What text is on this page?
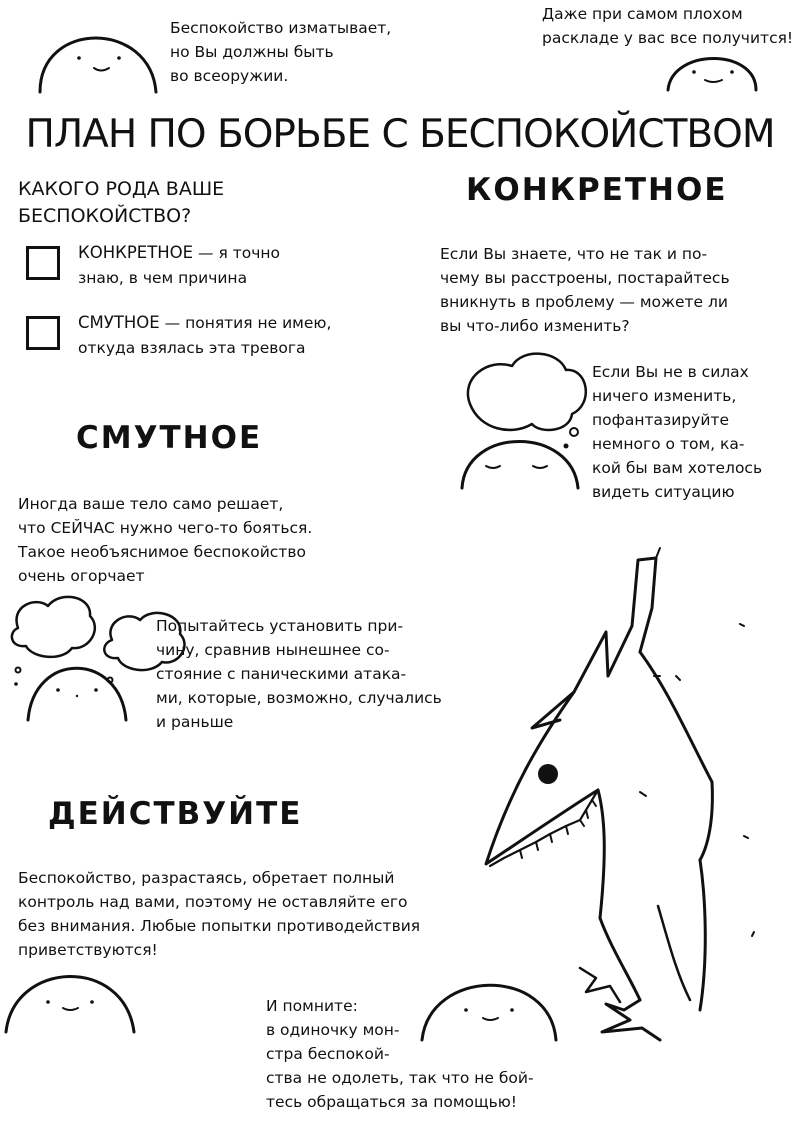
Беспокойство изматывает,
но Вы должны быть
во всеоружии.

Даже при самом плохом
раскладе у вас все получится!

ПЛАН ПО БОРЬБЕ С БЕСПОКОЙСТВОМ

КАКОГО РОДА ВАШЕ
БЕСПОКОЙСТВО?

КОНКРЕТНОЕ — я точно
знаю, в чем причина

СМУТНОЕ — понятия не имею,
откуда взялась эта тревога

КОНКРЕТНОЕ

Если Вы знаете, что не так и по-
чему вы расстроены, постарайтесь
вникнуть в проблему — можете ли
вы что-либо изменить?

Если Вы не в силах
ничего изменить,
пофантазируйте
немного о том, ка-
кой бы вам хотелось
видеть ситуацию

СМУТНОЕ

Иногда ваше тело само решает,
что СЕЙЧАС нужно чего-то бояться.
Такое необъяснимое беспокойство
очень огорчает

Попытайтесь установить при-
чину, сравнив нынешнее со-
стояние с паническими атака-
ми, которые, возможно, случались
и раньше

ДЕЙСТВУЙТЕ

Беспокойство, разрастаясь, обретает полный
контроль над вами, поэтому не оставляйте его
без внимания. Любые попытки противодействия
приветствуются!

И помните:
в одиночку мон-
стра беспокой-
ства не одолеть, так что не бой-
тесь обращаться за помощью!
